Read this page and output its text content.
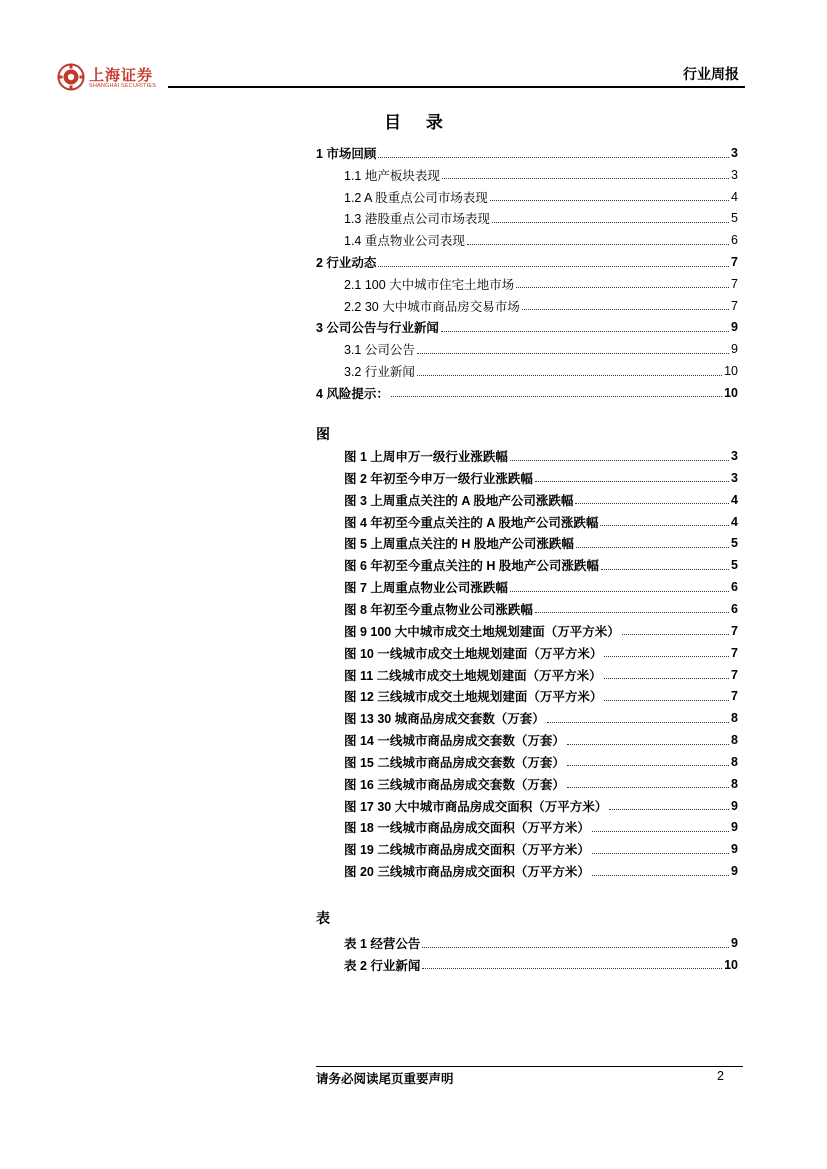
上海证券
SHANGHAI SECURITIES
行业周报
目 录
1 市场回顾	3
1.1 地产板块表现	3
1.2 A 股重点公司市场表现	4
1.3 港股重点公司市场表现	5
1.4 重点物业公司表现	6
2 行业动态	7
2.1 100 大中城市住宅土地市场	7
2.2 30 大中城市商品房交易市场	7
3 公司公告与行业新闻	9
3.1 公司公告	9
3.2 行业新闻	10
4 风险提示：	10
图
图 1 上周申万一级行业涨跌幅	3
图 2 年初至今申万一级行业涨跌幅	3
图 3 上周重点关注的 A 股地产公司涨跌幅	4
图 4 年初至今重点关注的 A 股地产公司涨跌幅	4
图 5 上周重点关注的 H 股地产公司涨跌幅	5
图 6 年初至今重点关注的 H 股地产公司涨跌幅	5
图 7 上周重点物业公司涨跌幅	6
图 8 年初至今重点物业公司涨跌幅	6
图 9 100 大中城市成交土地规划建面（万平方米）	7
图 10 一线城市成交土地规划建面（万平方米）	7
图 11 二线城市成交土地规划建面（万平方米）	7
图 12 三线城市成交土地规划建面（万平方米）	7
图 13 30 城商品房成交套数（万套）	8
图 14 一线城市商品房成交套数（万套）	8
图 15 二线城市商品房成交套数（万套）	8
图 16 三线城市商品房成交套数（万套）	8
图 17 30 大中城市商品房成交面积（万平方米）	9
图 18 一线城市商品房成交面积（万平方米）	9
图 19 二线城市商品房成交面积（万平方米）	9
图 20 三线城市商品房成交面积（万平方米）	9
表
表 1 经营公告	9
表 2 行业新闻	10
请务必阅读尾页重要声明	2
